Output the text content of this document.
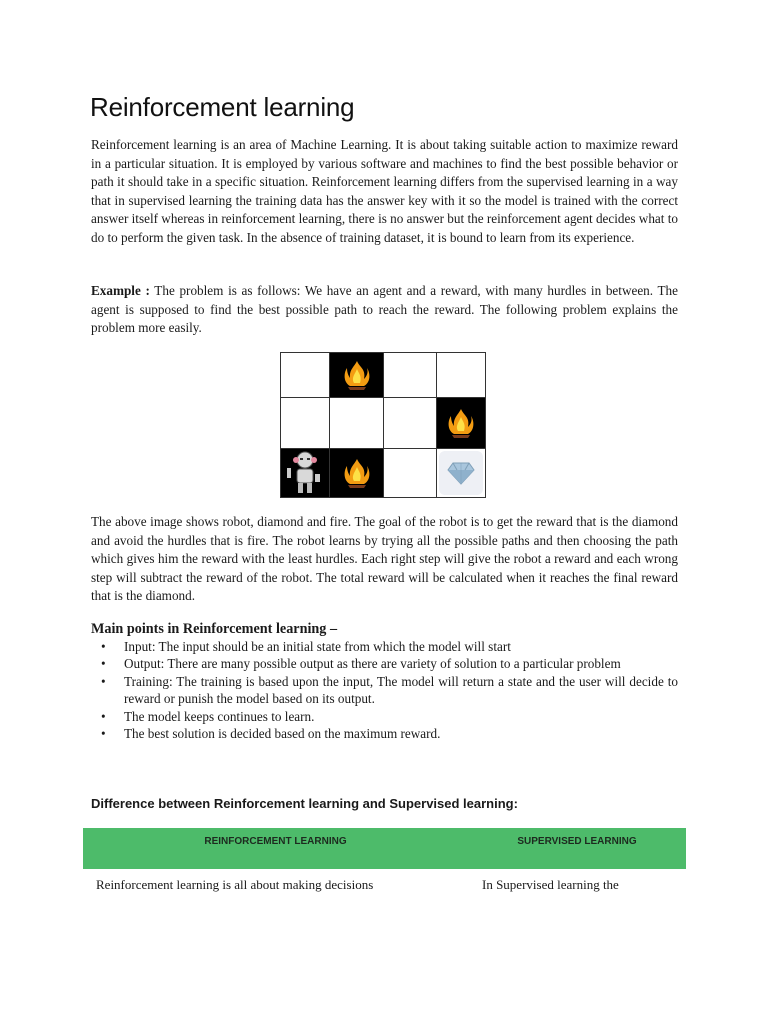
Reinforcement learning

Reinforcement learning is an area of Machine Learning. It is about taking suitable action to maximize reward in a particular situation. It is employed by various software and machines to find the best possible behavior or path it should take in a specific situation. Reinforcement learning differs from the supervised learning in a way that in supervised learning the training data has the answer key with it so the model is trained with the correct answer itself whereas in reinforcement learning, there is no answer but the reinforcement agent decides what to do to perform the given task. In the absence of training dataset, it is bound to learn from its experience.

Example : The problem is as follows: We have an agent and a reward, with many hurdles in between. The agent is supposed to find the best possible path to reach the reward. The following problem explains the problem more easily.

The above image shows robot, diamond and fire. The goal of the robot is to get the reward that is the diamond and avoid the hurdles that is fire. The robot learns by trying all the possible paths and then choosing the path which gives him the reward with the least hurdles. Each right step will give the robot a reward and each wrong step will subtract the reward of the robot. The total reward will be calculated when it reaches the final reward that is the diamond.

Main points in Reinforcement learning –
• Input: The input should be an initial state from which the model will start
• Output: There are many possible output as there are variety of solution to a particular problem
• Training: The training is based upon the input, The model will return a state and the user will decide to reward or punish the model based on its output.
• The model keeps continues to learn.
• The best solution is decided based on the maximum reward.
Difference between Reinforcement learning and Supervised learning:
REINFORCEMENT LEARNING	SUPERVISED LEARNING
Reinforcement learning is all about making decisions	In Supervised learning the
